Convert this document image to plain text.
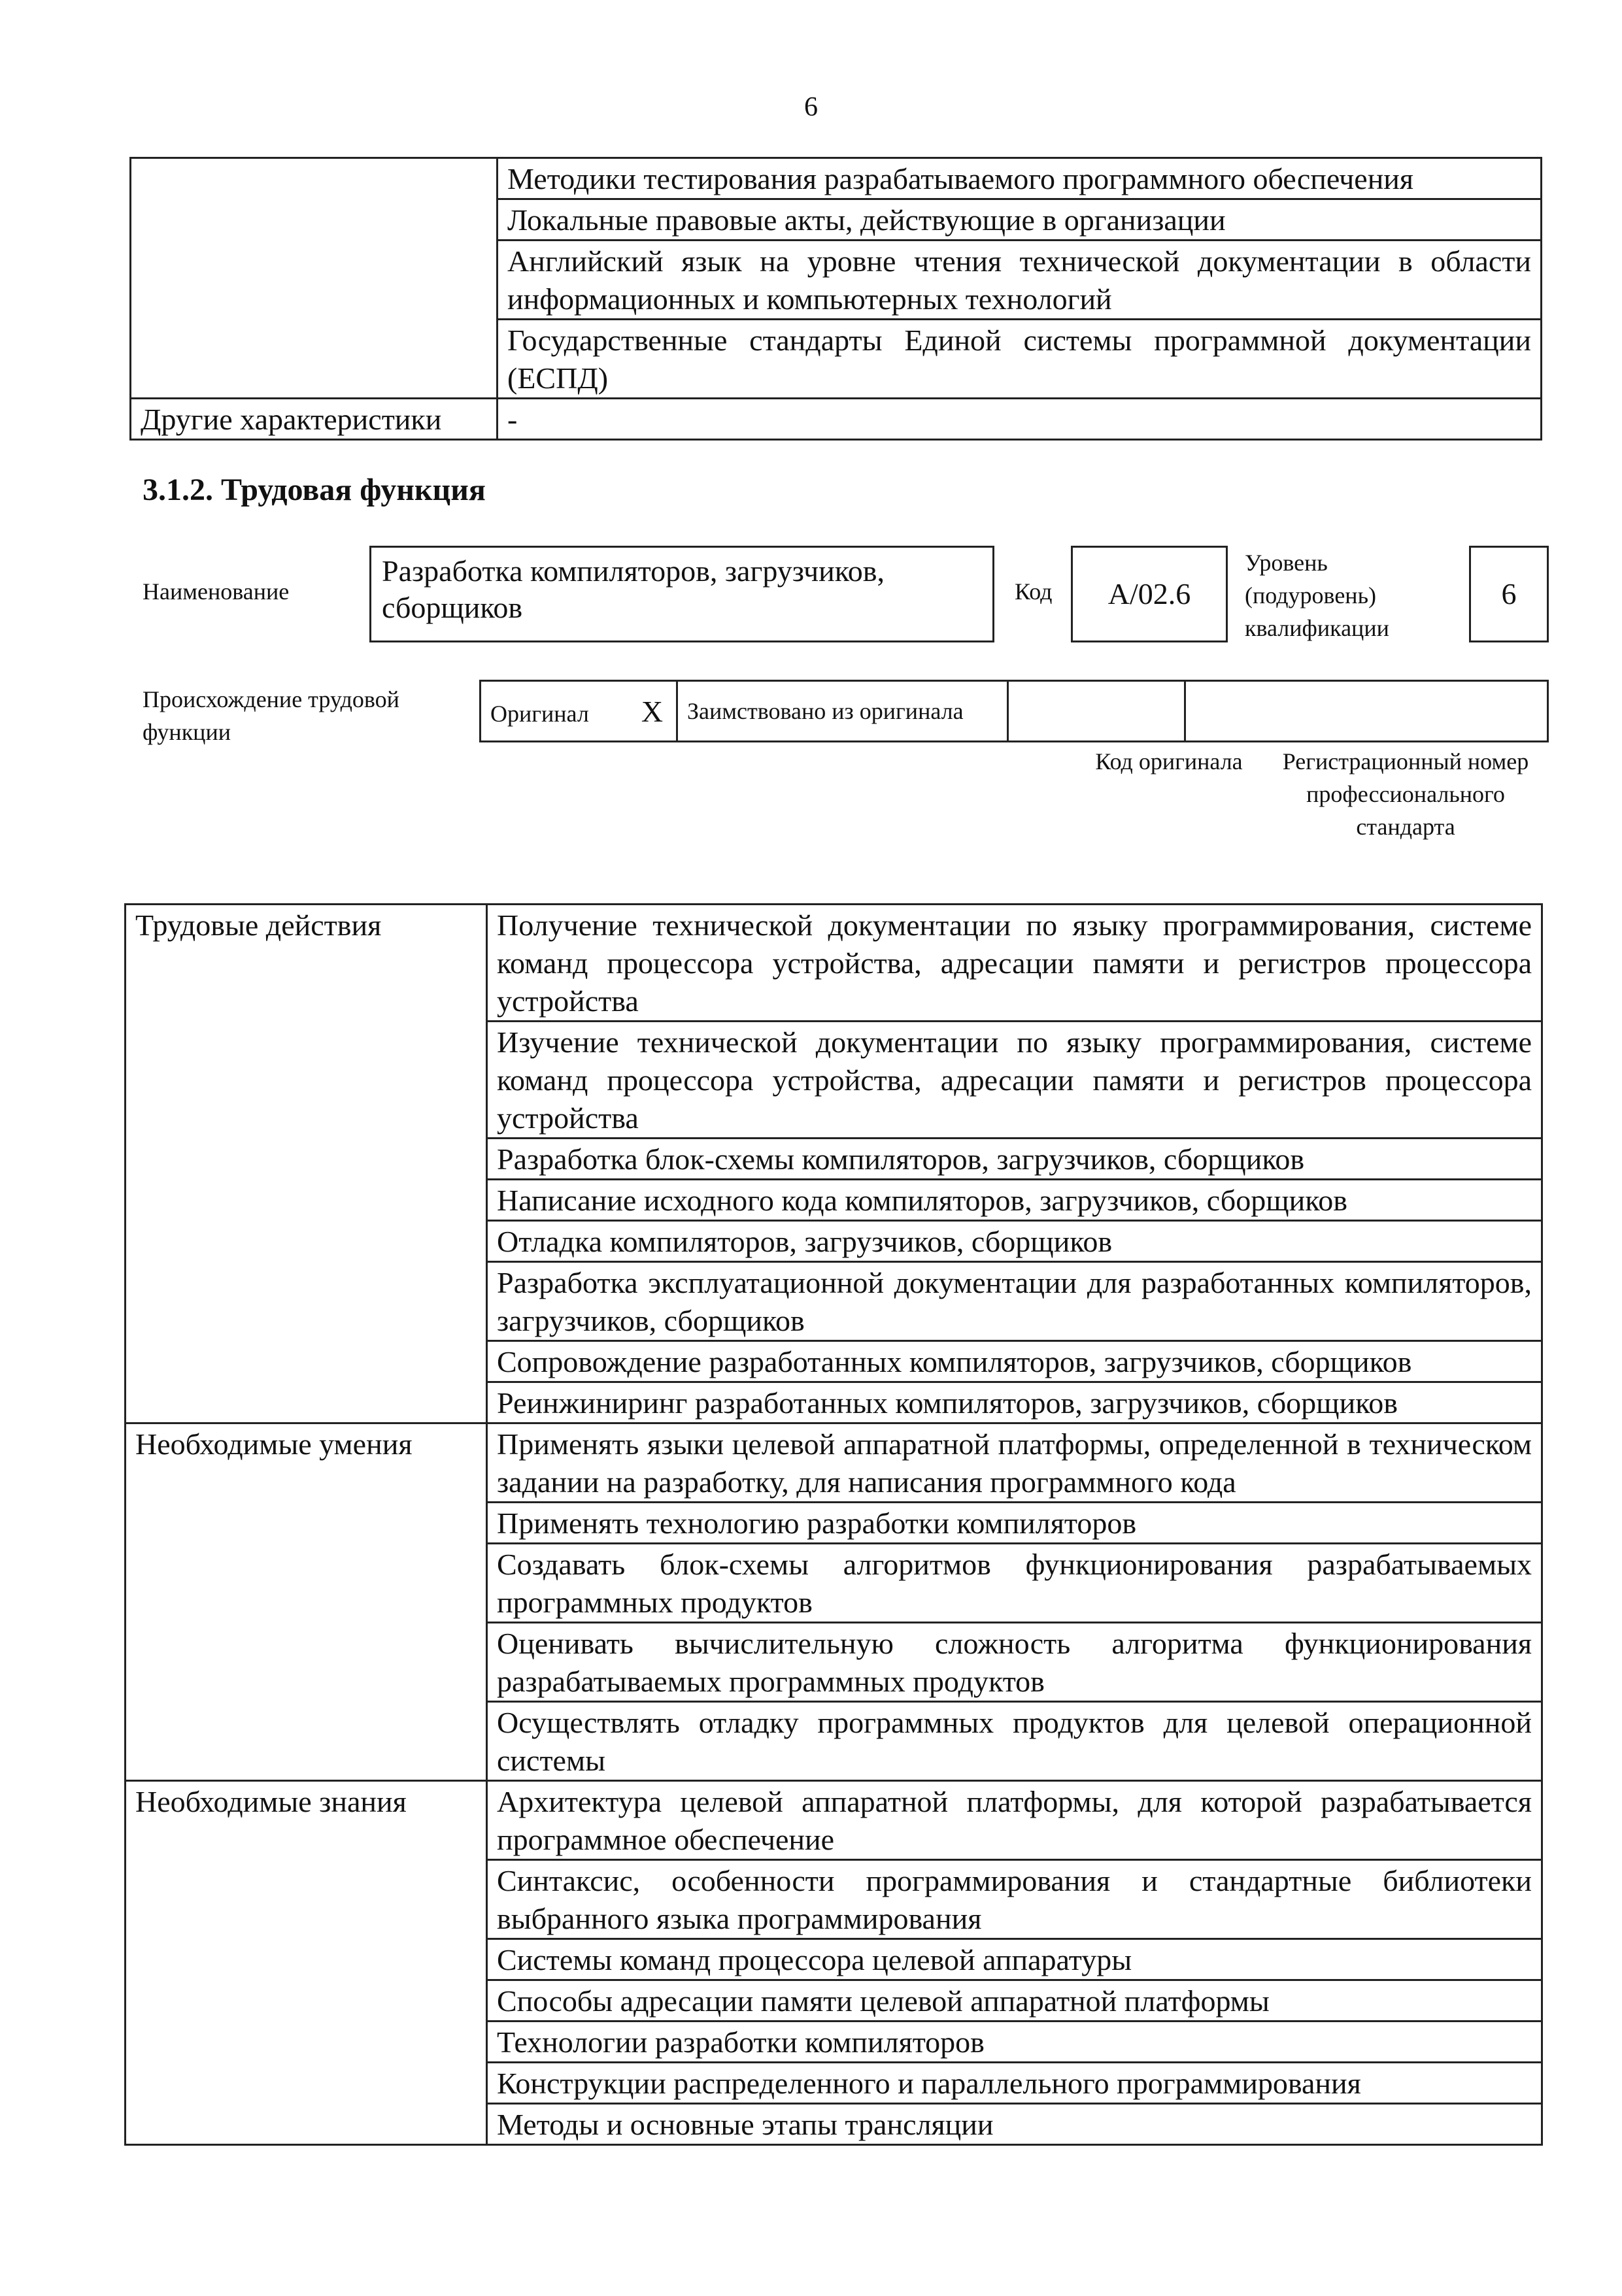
6
	Методики тестирования разрабатываемого программного обеспечения
	Локальные правовые акты, действующие в организации
	Английский язык на уровне чтения технической документации в области информационных и компьютерных технологий
	Государственные стандарты Единой системы программной документации (ЕСПД)
Другие характеристики	-
3.1.2. Трудовая функция
Наименование
Разработка компиляторов, загрузчиков, сборщиков	Код	A/02.6
Уровень (подуровень) квалификации
6
Происхождение трудовой функции
Оригинал X	Заимствовано из оригинала		
Код оригинала	Регистрационный номер профессионального стандарта
Трудовые действия	Получение технической документации по языку программирования, системе команд процессора устройства, адресации памяти и регистров процессора устройства
	Изучение технической документации по языку программирования, системе команд процессора устройства, адресации памяти и регистров процессора устройства
	Разработка блок-схемы компиляторов, загрузчиков, сборщиков
	Написание исходного кода компиляторов, загрузчиков, сборщиков
	Отладка компиляторов, загрузчиков, сборщиков
	Разработка эксплуатационной документации для разработанных компиляторов, загрузчиков, сборщиков
	Сопровождение разработанных компиляторов, загрузчиков, сборщиков
	Реинжиниринг разработанных компиляторов, загрузчиков, сборщиков
Необходимые умения	Применять языки целевой аппаратной платформы, определенной в техническом задании на разработку, для написания программного кода
	Применять технологию разработки компиляторов
	Создавать блок-схемы алгоритмов функционирования разрабатываемых программных продуктов
	Оценивать вычислительную сложность алгоритма функционирования разрабатываемых программных продуктов
	Осуществлять отладку программных продуктов для целевой операционной системы
Необходимые знания	Архитектура целевой аппаратной платформы, для которой разрабатывается программное обеспечение
	Синтаксис, особенности программирования и стандартные библиотеки выбранного языка программирования
	Системы команд процессора целевой аппаратуры
	Способы адресации памяти целевой аппаратной платформы
	Технологии разработки компиляторов
	Конструкции распределенного и параллельного программирования
	Методы и основные этапы трансляции
